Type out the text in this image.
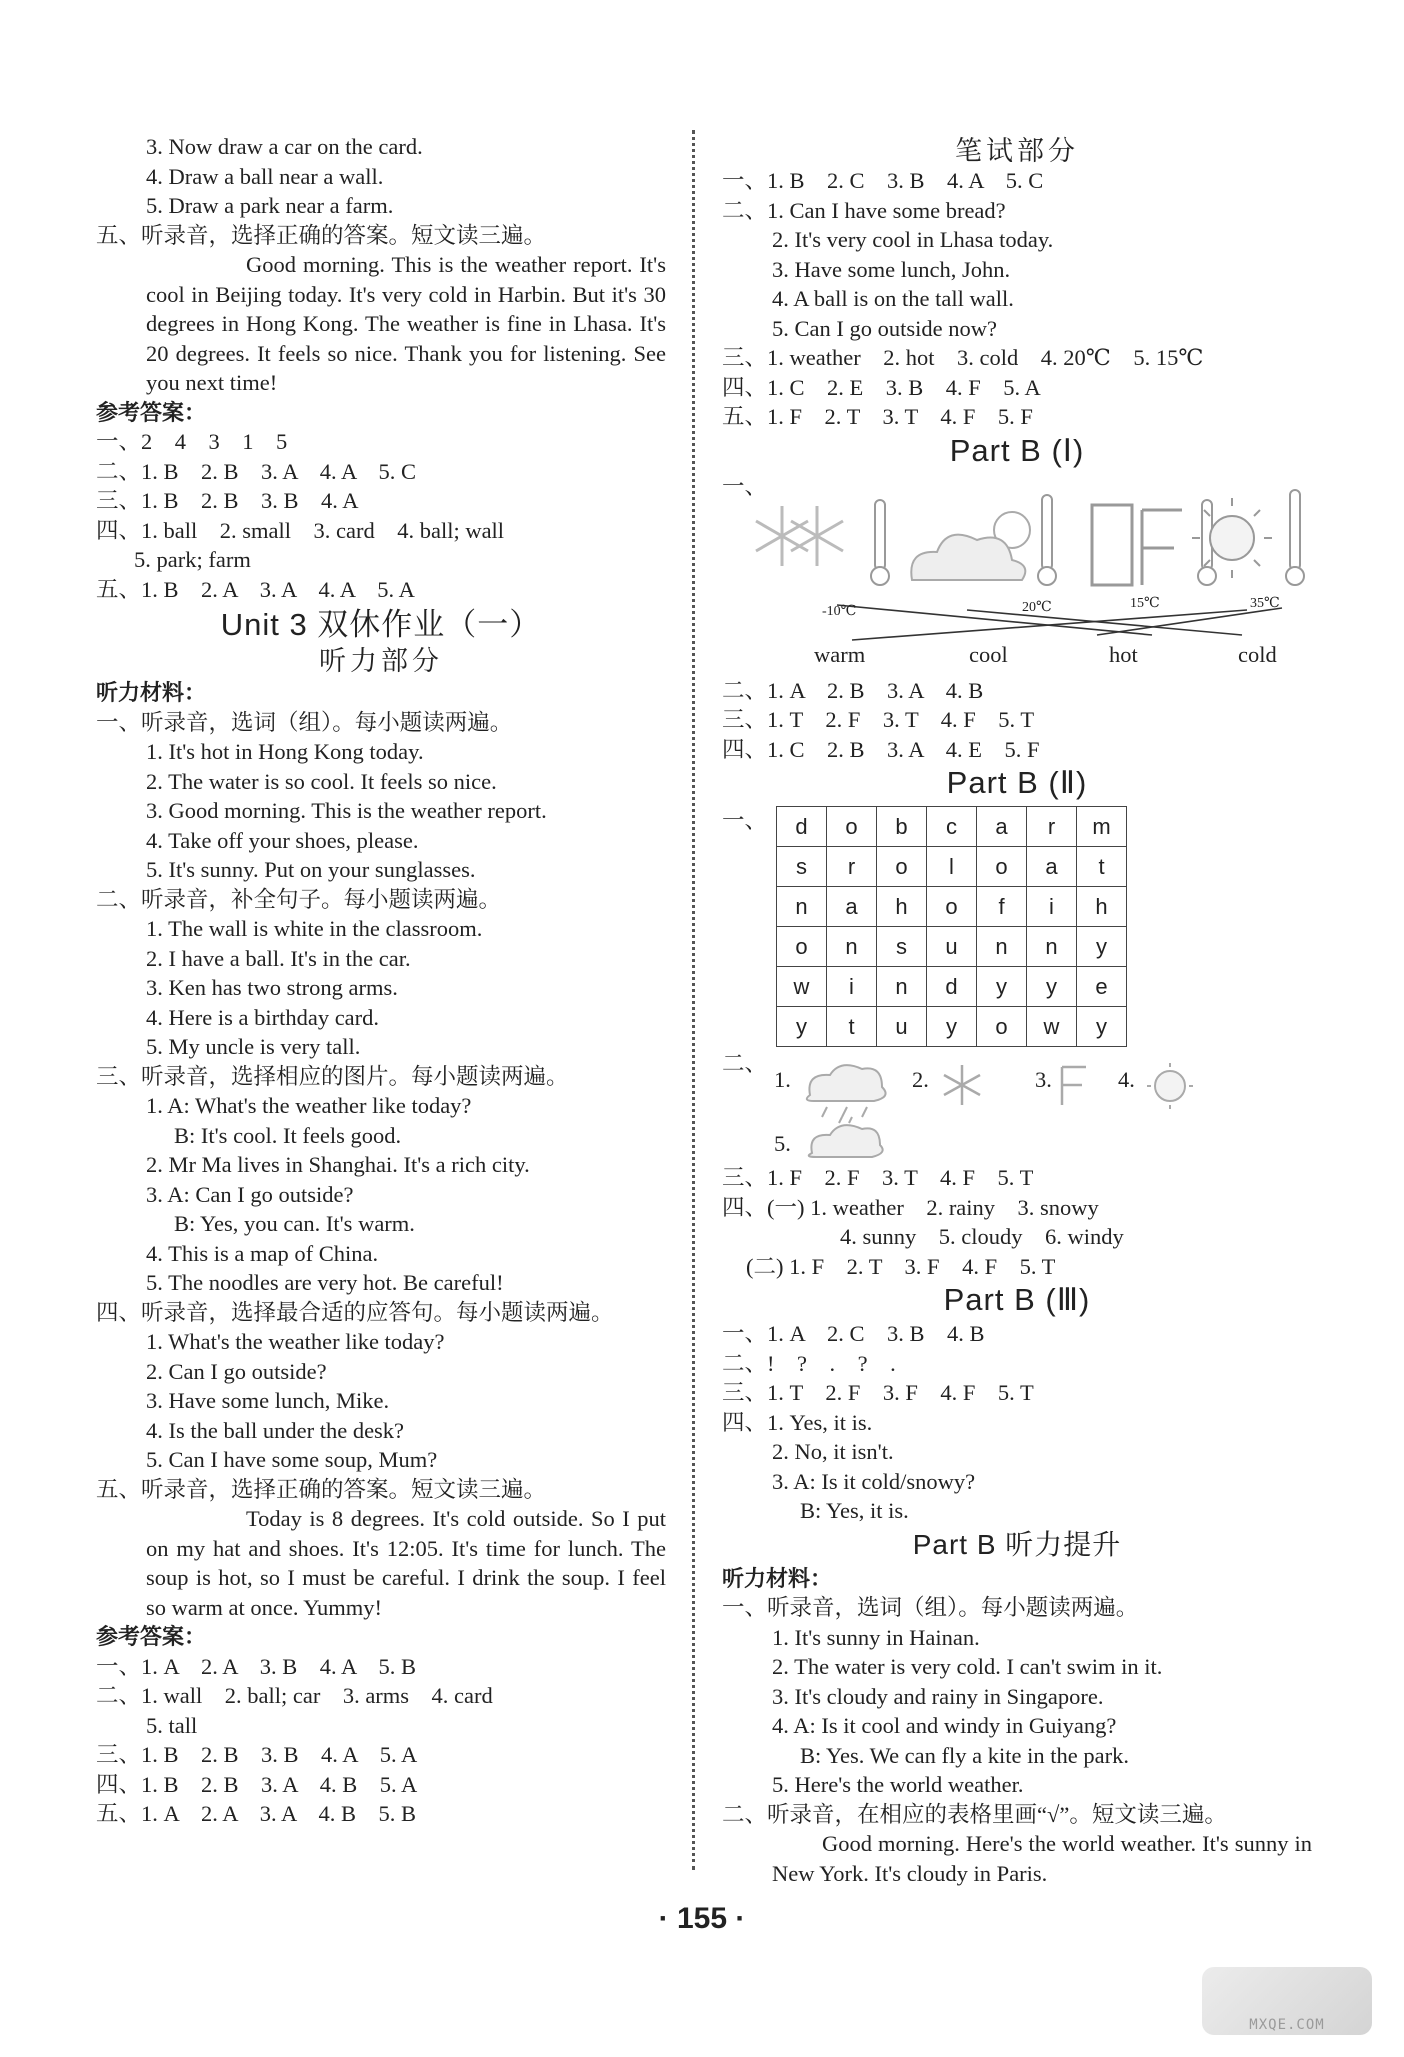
3. Now draw a car on the card.
4. Draw a ball near a wall.
5. Draw a park near a farm.
五、听录音，选择正确的答案。短文读三遍。
Good morning. This is the weather report. It's cool in Beijing today. It's very cold in Harbin. But it's 30 degrees in Hong Kong. The weather is fine in Lhasa. It's 20 degrees. It feels so nice. Thank you for listening. See you next time!
参考答案：
一、2　4　3　1　5
二、1. B　2. B　3. A　4. A　5. C
三、1. B　2. B　3. B　4. A
四、1. ball　2. small　3. card　4. ball; wall
5. park; farm
五、1. B　2. A　3. A　4. A　5. A
Unit 3 双休作业（一）
听力部分
听力材料：
一、听录音，选词（组）。每小题读两遍。
1. It's hot in Hong Kong today.
2. The water is so cool. It feels so nice.
3. Good morning. This is the weather report.
4. Take off your shoes, please.
5. It's sunny. Put on your sunglasses.
二、听录音，补全句子。每小题读两遍。
1. The wall is white in the classroom.
2. I have a ball. It's in the car.
3. Ken has two strong arms.
4. Here is a birthday card.
5. My uncle is very tall.
三、听录音，选择相应的图片。每小题读两遍。
1. A: What's the weather like today?
B: It's cool. It feels good.
2. Mr Ma lives in Shanghai. It's a rich city.
3. A: Can I go outside?
B: Yes, you can. It's warm.
4. This is a map of China.
5. The noodles are very hot. Be careful!
四、听录音，选择最合适的应答句。每小题读两遍。
1. What's the weather like today?
2. Can I go outside?
3. Have some lunch, Mike.
4. Is the ball under the desk?
5. Can I have some soup, Mum?
五、听录音，选择正确的答案。短文读三遍。
Today is 8 degrees. It's cold outside. So I put on my hat and shoes. It's 12:05. It's time for lunch. The soup is hot, so I must be careful. I drink the soup. I feel so warm at once. Yummy!
参考答案：
一、1. A　2. A　3. B　4. A　5. B
二、1. wall　2. ball; car　3. arms　4. card
5. tall
三、1. B　2. B　3. B　4. A　5. A
四、1. B　2. B　3. A　4. B　5. A
五、1. A　2. A　3. A　4. B　5. B
笔试部分
一、1. B　2. C　3. B　4. A　5. C
二、1. Can I have some bread?
2. It's very cool in Lhasa today.
3. Have some lunch, John.
4. A ball is on the tall wall.
5. Can I go outside now?
三、1. weather　2. hot　3. cold　4. 20℃　5. 15℃
四、1. C　2. E　3. B　4. F　5. A
五、1. F　2. T　3. T　4. F　5. F
Part B (Ⅰ)
一、
-10℃	20℃	15℃	35℃
warm	cool	hot	cold
二、1. A　2. B　3. A　4. B
三、1. T　2. F　3. T　4. F　5. T
四、1. C　2. B　3. A　4. E　5. F
Part B (Ⅱ)
一、 d	o	b	c	a	r	m
s	r	o	l	o	a	t
n	a	h	o	f	i	h
o	n	s	u	n	n	y
w	i	n	d	y	y	e
y	t	u	y	o	w	y
二、
1.	2.	3.	4.
5.
三、1. F　2. F　3. T　4. F　5. T
四、(一) 1. weather　2. rainy　3. snowy
4. sunny　5. cloudy　6. windy
(二) 1. F　2. T　3. F　4. F　5. T
Part B (Ⅲ)
一、1. A　2. C　3. B　4. B
二、!　?　.　?　.
三、1. T　2. F　3. F　4. F　5. T
四、1. Yes, it is.
2. No, it isn't.
3. A: Is it cold/snowy?
B: Yes, it is.
Part B 听力提升
听力材料：
一、听录音，选词（组）。每小题读两遍。
1. It's sunny in Hainan.
2. The water is very cold. I can't swim in it.
3. It's cloudy and rainy in Singapore.
4. A: Is it cool and windy in Guiyang?
B: Yes. We can fly a kite in the park.
5. Here's the world weather.
二、听录音，在相应的表格里画“√”。短文读三遍。
Good morning. Here's the world weather. It's sunny in New York. It's cloudy in Paris.
· 155 ·
MXQE.COM
